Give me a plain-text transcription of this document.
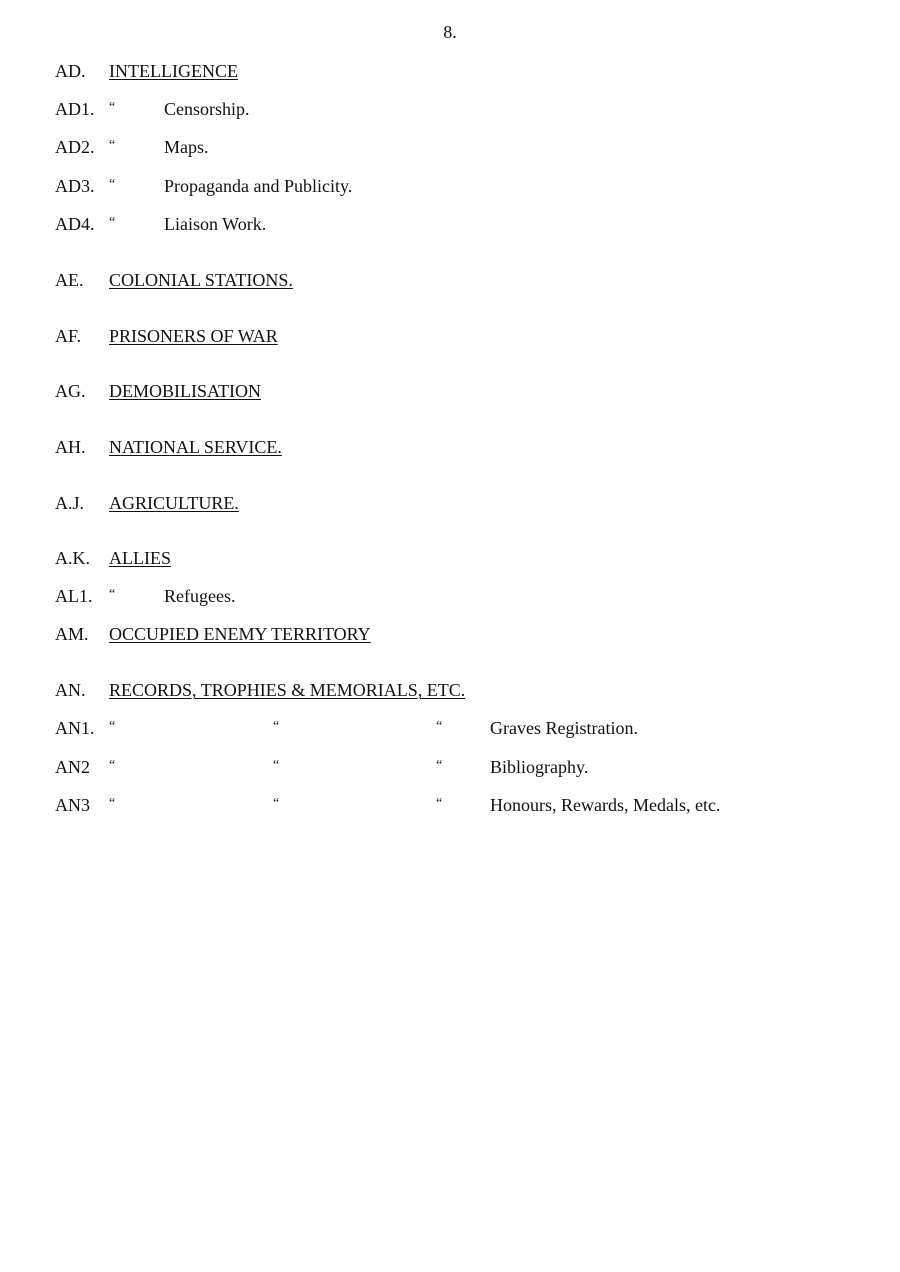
8.
AD. INTELLIGENCE
AD1. “	Censorship.
AD2. “	Maps.
AD3. “	Propaganda and Publicity.
AD4. “	Liaison Work.
AE. COLONIAL STATIONS.
AF. PRISONERS OF WAR
AG. DEMOBILISATION
AH. NATIONAL SERVICE.
A.J. AGRICULTURE.
A.K. ALLIES
AL1. “	Refugees.
AM. OCCUPIED ENEMY TERRITORY
AN. RECORDS, TROPHIES & MEMORIALS, ETC.
AN1. “	“	“	Graves Registration.
AN2 “	“	“	Bibliography.
AN3 “	“	“	Honours, Rewards, Medals, etc.
